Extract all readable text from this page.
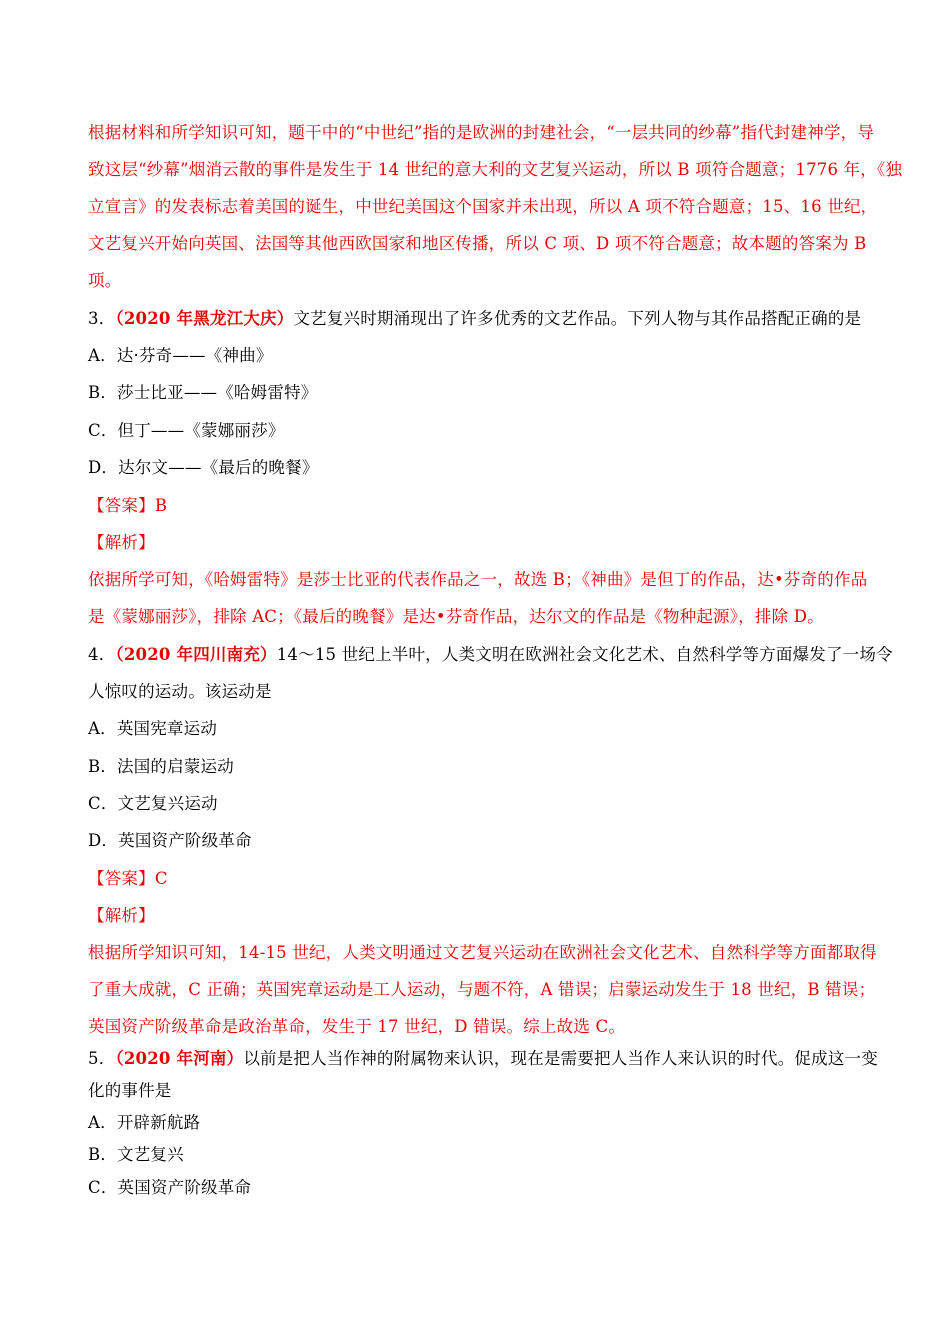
根据材料和所学知识可知，题干中的“中世纪”指的是欧洲的封建社会，“一层共同的纱幕”指代封建神学，导
致这层“纱幕”烟消云散的事件是发生于 14 世纪的意大利的文艺复兴运动，所以 B 项符合题意；1776 年，《独
立宣言》的发表标志着美国的诞生，中世纪美国这个国家并未出现，所以 A 项不符合题意；15、16 世纪，
文艺复兴开始向英国、法国等其他西欧国家和地区传播，所以 C 项、D 项不符合题意；故本题的答案为 B
项。
3．（2020 年黑龙江大庆）文艺复兴时期涌现出了许多优秀的文艺作品。下列人物与其作品搭配正确的是
A．达·芬奇——《神曲》
B．莎士比亚——《哈姆雷特》
C．但丁——《蒙娜丽莎》
D．达尔文——《最后的晚餐》
【答案】B
【解析】
依据所学可知，《哈姆雷特》是莎士比亚的代表作品之一，故选 B；《神曲》是但丁的作品，达•芬奇的作品
是《蒙娜丽莎》，排除 AC；《最后的晚餐》是达•芬奇作品，达尔文的作品是《物种起源》，排除 D。
4．（2020 年四川南充）14～15 世纪上半叶，人类文明在欧洲社会文化艺术、自然科学等方面爆发了一场令
人惊叹的运动。该运动是
A．英国宪章运动
B．法国的启蒙运动
C．文艺复兴运动
D．英国资产阶级革命
【答案】C
【解析】
根据所学知识可知，14-15 世纪，人类文明通过文艺复兴运动在欧洲社会文化艺术、自然科学等方面都取得
了重大成就，C 正确；英国宪章运动是工人运动，与题不符，A 错误；启蒙运动发生于 18 世纪，B 错误；
英国资产阶级革命是政治革命，发生于 17 世纪，D 错误。综上故选 C。
5．（2020 年河南）以前是把人当作神的附属物来认识，现在是需要把人当作人来认识的时代。促成这一变
化的事件是
A．开辟新航路
B．文艺复兴
C．英国资产阶级革命
